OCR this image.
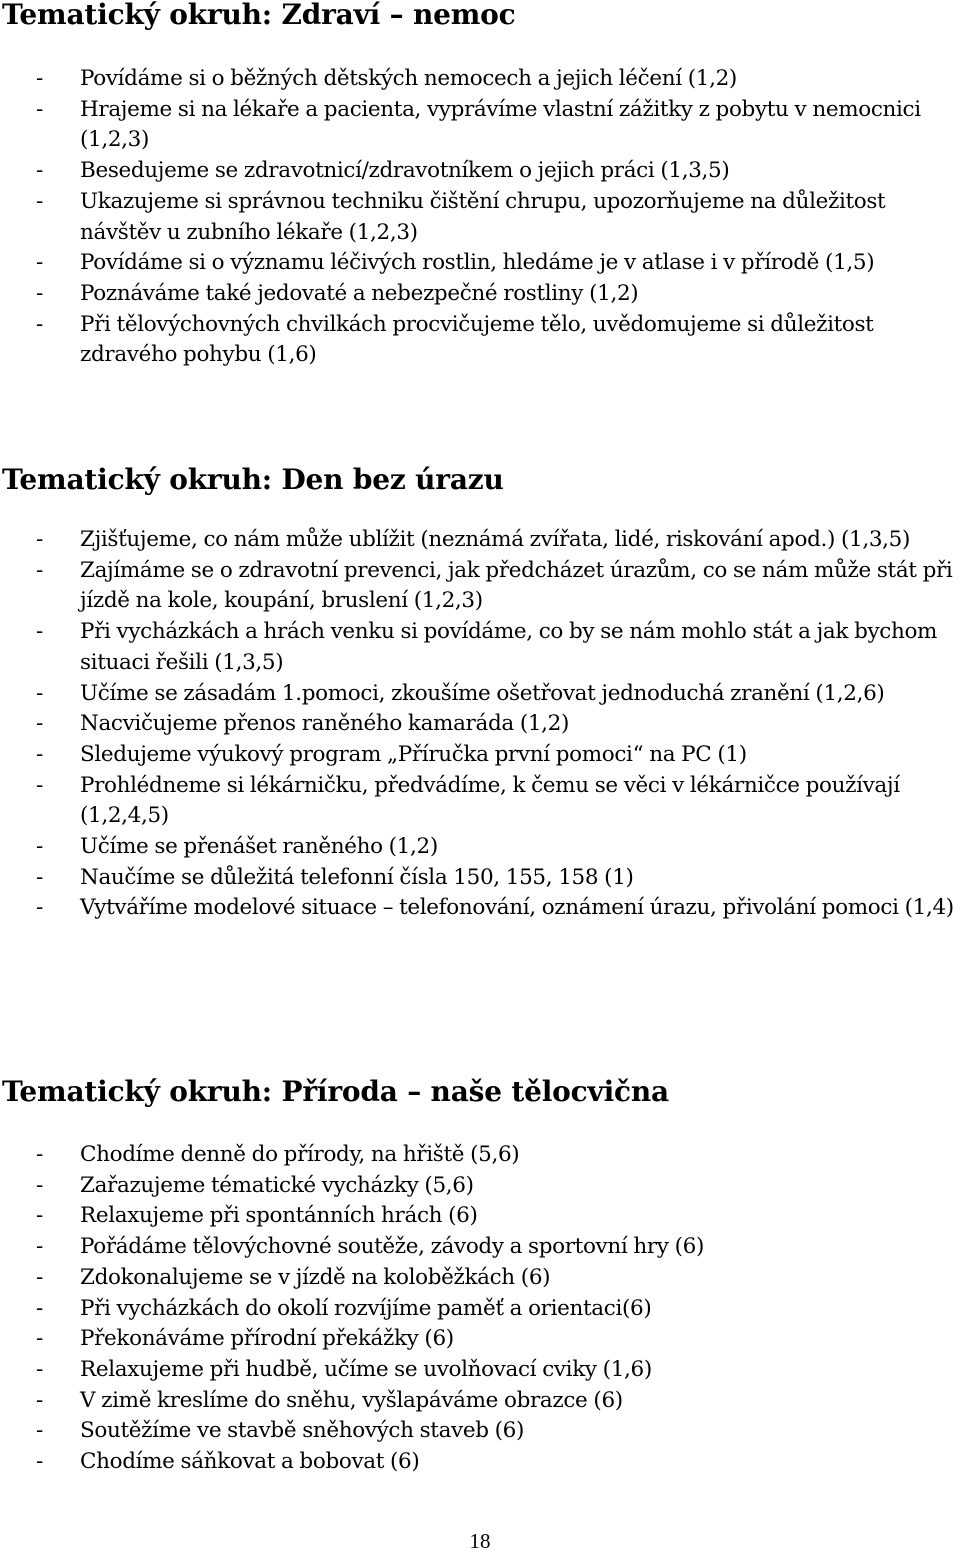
Tematický okruh: Zdraví – nemoc
- Povídáme si o běžných dětských nemocech a jejich léčení (1,2)
- Hrajeme si na lékaře a pacienta, vyprávíme vlastní zážitky z pobytu v nemocnici (1,2,3)
- Besedujeme se zdravotnicí/zdravotníkem o jejich práci (1,3,5)
- Ukazujeme si správnou techniku čištění chrupu, upozorňujeme na důležitost návštěv u zubního lékaře (1,2,3)
- Povídáme si o významu léčivých rostlin, hledáme je v atlase i v přírodě (1,5)
- Poznáváme také jedovaté a nebezpečné rostliny (1,2)
- Při tělovýchovných chvilkách procvičujeme tělo, uvědomujeme si důležitost zdravého pohybu (1,6)
Tematický okruh: Den bez úrazu
- Zjišťujeme, co nám může ublížit (neznámá zvířata, lidé, riskování apod.) (1,3,5)
- Zajímáme se o zdravotní prevenci, jak předcházet úrazům, co se nám může stát při jízdě na kole, koupání, bruslení (1,2,3)
- Při vycházkách a hrách venku si povídáme, co by se nám mohlo stát a jak bychom situaci řešili (1,3,5)
- Učíme se zásadám 1.pomoci, zkoušíme ošetřovat jednoduchá zranění (1,2,6)
- Nacvičujeme přenos raněného kamaráda (1,2)
- Sledujeme výukový program „Příručka první pomoci“ na PC (1)
- Prohlédneme si lékárničku, předvádíme, k čemu se věci v lékárničce používají (1,2,4,5)
- Učíme se přenášet raněného (1,2)
- Naučíme se důležitá telefonní čísla 150, 155, 158 (1)
- Vytváříme modelové situace – telefonování, oznámení úrazu, přivolání pomoci (1,4)
Tematický okruh: Příroda – naše tělocvična
- Chodíme denně do přírody, na hřiště (5,6)
- Zařazujeme tématické vycházky (5,6)
- Relaxujeme při spontánních hrách (6)
- Pořádáme tělovýchovné soutěže, závody a sportovní hry (6)
- Zdokonalujeme se v jízdě na koloběžkách (6)
- Při vycházkách do okolí rozvíjíme paměť a orientaci(6)
- Překonáváme přírodní překážky (6)
- Relaxujeme při hudbě, učíme se uvolňovací cviky (1,6)
- V zimě kreslíme do sněhu, vyšlapáváme obrazce (6)
- Soutěžíme ve stavbě sněhových staveb (6)
- Chodíme sáňkovat a bobovat (6)
18
